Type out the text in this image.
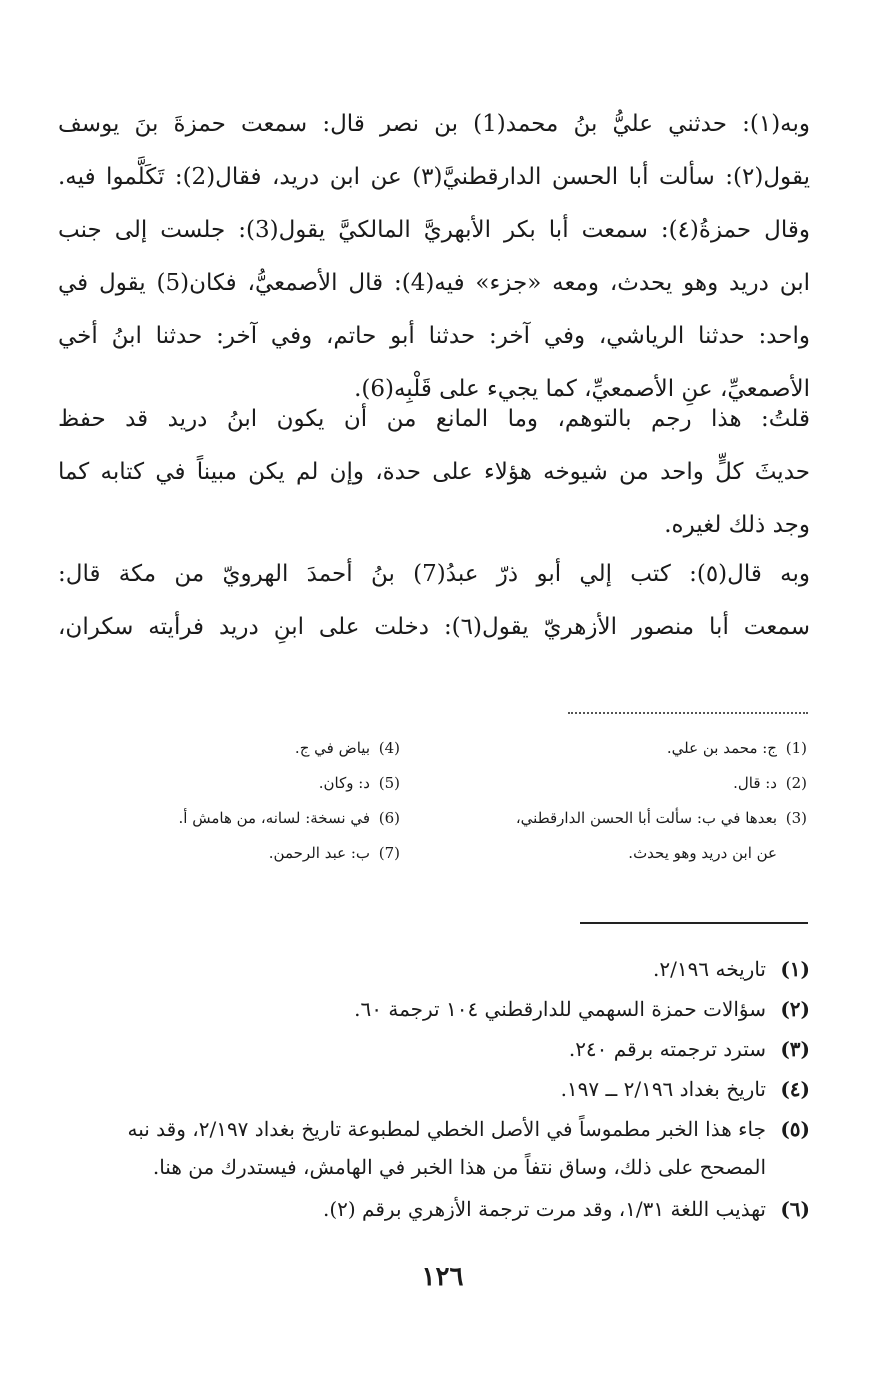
وبه(١): حدثني عليُّ بنُ محمد(1) بن نصر قال: سمعت حمزةَ بنَ يوسف
يقول(٢): سألت أبا الحسن الدارقطنيَّ(٣) عن ابن دريد، فقال(2): تَكَلَّموا فيه.
وقال حمزةُ(٤): سمعت أبا بكر الأبهريَّ المالكيَّ يقول(3): جلست إلى جنب
ابن دريد وهو يحدث، ومعه «جزء» فيه(4): قال الأصمعيُّ، فكان(5) يقول في
واحد: حدثنا الرياشي، وفي آخر: حدثنا أبو حاتم، وفي آخر: حدثنا ابنُ أخي
الأصمعيِّ، عنِ الأصمعيِّ، كما يجيء على قَلْبِه(6).
قلتُ: هذا رجم بالتوهم، وما المانع من أن يكون ابنُ دريد قد حفظ
حديثَ كلٍّ واحد من شيوخه هؤلاء على حدة، وإن لم يكن مبيناً في كتابه كما
وجد ذلك لغيره.
وبه قال(٥): كتب إلي أبو ذرّ عبدُ(7) بنُ أحمدَ الهرويّ من مكة قال:
سمعت أبا منصور الأزهريّ يقول(٦): دخلت على ابنِ دريد فرأيته سكران،
(1)ج: محمد بن علي.
(2)د: قال.
(3)بعدها في ب: سألت أبا الحسن الدارقطني،
عن ابن دريد وهو يحدث.
(4)بياض في ج.
(5)د: وكان.
(6)في نسخة: لسانه، من هامش أ.
(7)ب: عبد الرحمن.
(١)تاريخه ٢/١٩٦.
(٢)سؤالات حمزة السهمي للدارقطني ١٠٤ ترجمة ٦٠.
(٣)سترد ترجمته برقم ٢٤٠.
(٤)تاريخ بغداد ٢/١٩٦ ــ ١٩٧.
(٥)جاء هذا الخبر مطموساً في الأصل الخطي لمطبوعة تاريخ بغداد ٢/١٩٧، وقد نبه
المصحح على ذلك، وساق نتفاً من هذا الخبر في الهامش، فيستدرك من هنا.
(٦)تهذيب اللغة ١/٣١، وقد مرت ترجمة الأزهري برقم (٢).
١٢٦
